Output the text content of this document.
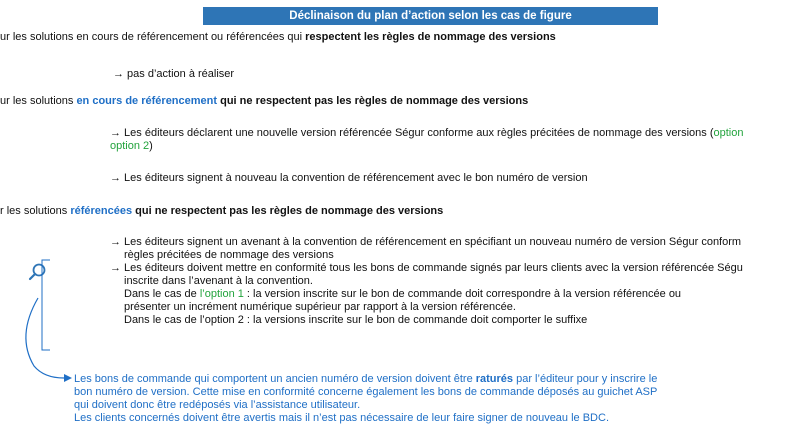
Déclinaison du plan d’action selon les cas de figure
ur les solutions en cours de référencement ou référencées qui respectent les règles de nommage des versions
→ pas d’action à réaliser
ur les solutions en cours de référencement qui ne respectent pas les règles de nommage des versions
→ Les éditeurs déclarent une nouvelle version référencée Ségur conforme aux règles précitées de nommage des versions (option
option 2)
→ Les éditeurs signent à nouveau la convention de référencement avec le bon numéro de version
r les solutions référencées qui ne respectent pas les règles de nommage des versions
→ Les éditeurs signent un avenant à la convention de référencement en spécifiant un nouveau numéro de version Ségur conform
règles précitées de nommage des versions
→ Les éditeurs doivent mettre en conformité tous les bons de commande signés par leurs clients avec la version référencée Ségu
inscrite dans l’avenant à la convention.
Dans le cas de l’option 1 : la version inscrite sur le bon de commande doit correspondre à la version référencée ou
présenter un incrément numérique supérieur par rapport à la version référencée.
Dans le cas de l’option 2 : la versions inscrite sur le bon de commande doit comporter le suffixe
Les bons de commande qui comportent un ancien numéro de version doivent être raturés par l’éditeur pour y inscrire le
bon numéro de version. Cette mise en conformité concerne également les bons de commande déposés au guichet ASP
qui doivent donc être redéposés via l’assistance utilisateur.
Les clients concernés doivent être avertis mais il n’est pas nécessaire de leur faire signer de nouveau le BDC.
